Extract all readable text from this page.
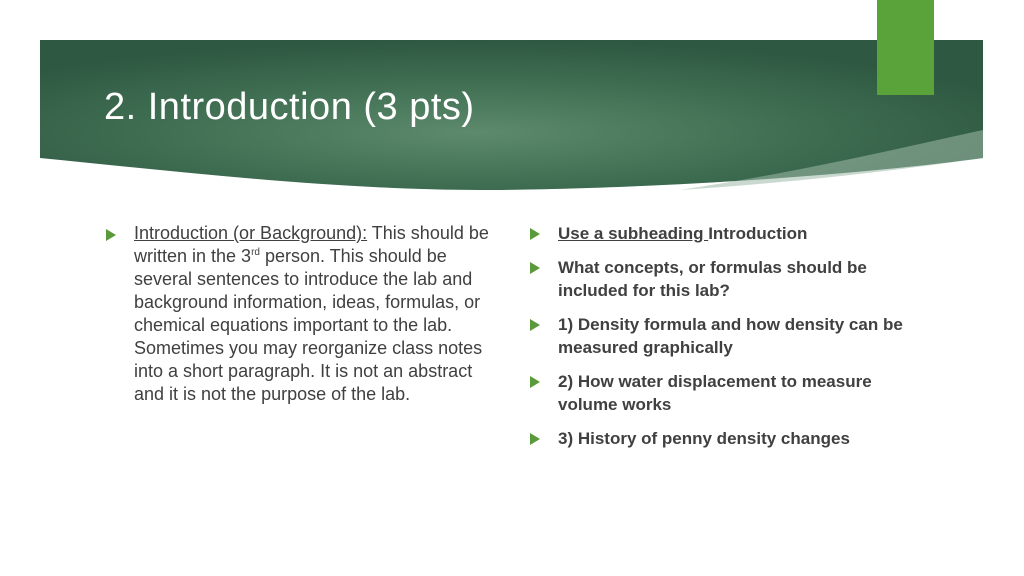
2. Introduction (3 pts)
Introduction (or Background): This should be written in the 3rd person. This should be several sentences to introduce the lab and background information, ideas, formulas, or chemical equations important to the lab. Sometimes you may reorganize class notes into a short paragraph. It is not an abstract and it is not the purpose of the lab.
Use a subheading Introduction
What concepts, or formulas should be included for this lab?
1) Density formula and how density can be measured graphically
2) How water displacement to measure volume works
3) History of penny density changes
